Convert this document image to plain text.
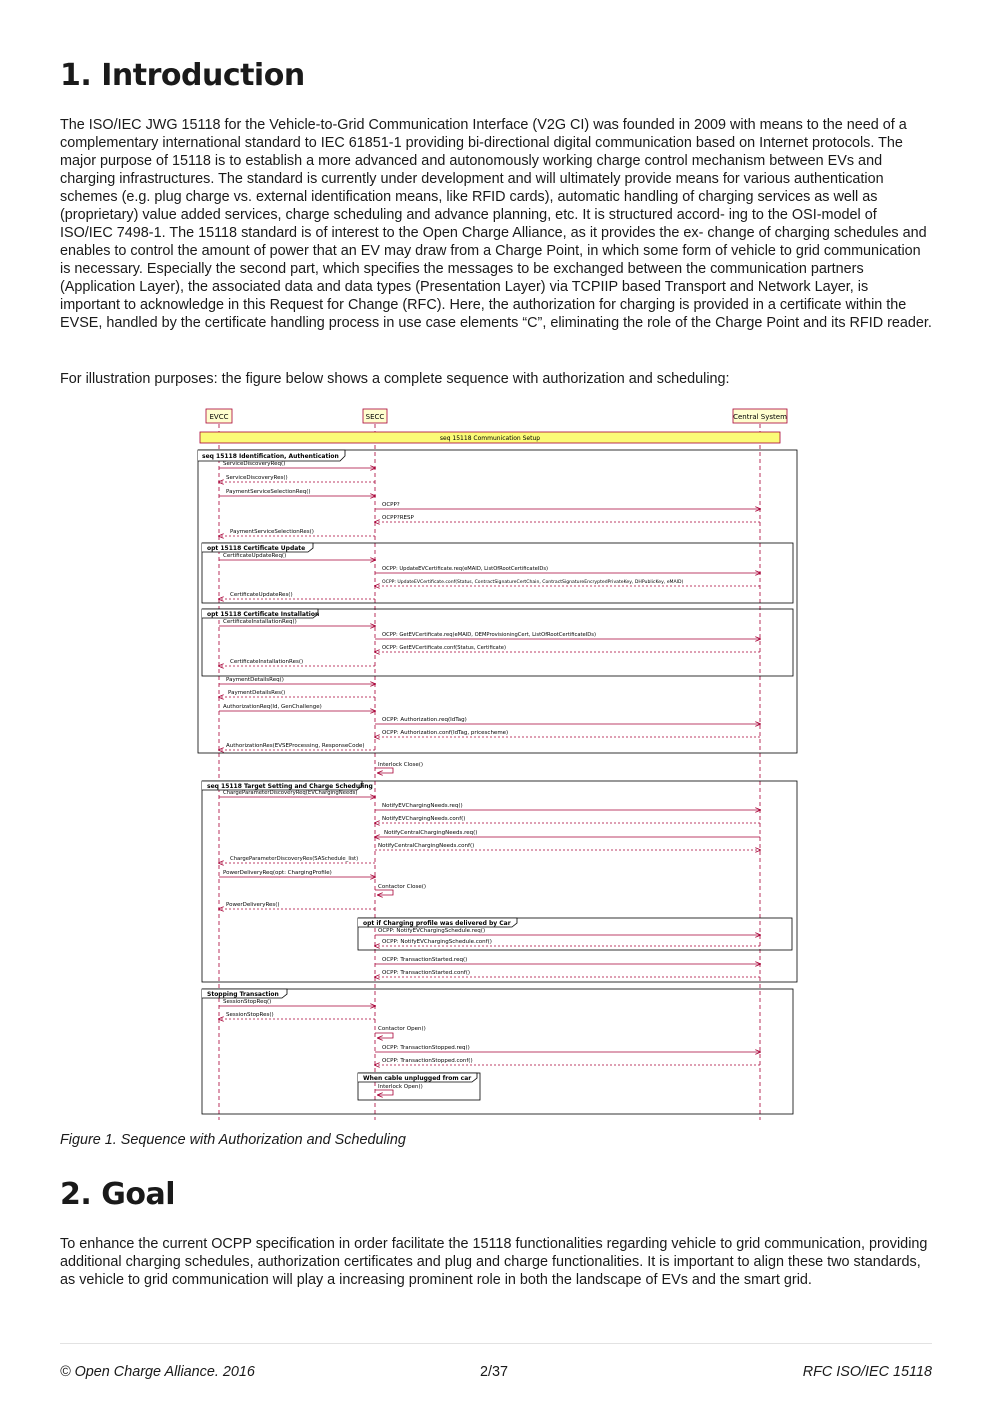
1. Introduction

The ISO/IEC JWG 15118 for the Vehicle-to-Grid Communication Interface (V2G CI) was founded in 2009 with means to the need of a complementary international standard to IEC 61851-1 providing bi-directional digital communication based on Internet protocols. The major purpose of 15118 is to establish a more advanced and autonomously working charge control mechanism between EVs and charging infrastructures. The standard is currently under development and will ultimately provide means for various authentication schemes (e.g. plug charge vs. external identification means, like RFID cards), automatic handling of charging services as well as (proprietary) value added services, charge scheduling and advance planning, etc. It is structured accord- ing to the OSI-model of ISO/IEC 7498-1. The 15118 standard is of interest to the Open Charge Alliance, as it provides the ex- change of charging schedules and enables to control the amount of power that an EV may draw from a Charge Point, in which some form of vehicle to grid communication is necessary. Especially the second part, which specifies the messages to be exchanged between the communication partners (Application Layer), the associated data and data types (Presentation Layer) via TCPIIP based Transport and Network Layer, is important to acknowledge in this Request for Change (RFC). Here, the authorization for charging is provided in a certificate within the EVSE, handled by the certificate handling process in use case elements “C”, eliminating the role of the Charge Point and its RFID reader.

For illustration purposes: the figure below shows a complete sequence with authorization and scheduling:

EVCC	SECC	Central System
seq 15118 Communication Setup
seq 15118 Identification, Authentication
ServiceDiscoveryReq()
ServiceDiscoveryRes()
PaymentServiceSelectionReq()
OCPP?
OCPP?RESP
PaymentServiceSelectionRes()
opt 15118 Certificate Update
CertificateUpdateReq()
OCPP: UpdateEVCertificate.req(eMAID, ListOfRootCertificateIDs)
OCPP: UpdateEVCertificate.conf(Status, ContractSignatureCertChain, ContractSignatureEncryptedPrivateKey, DHPublicKey, eMAID)
CertificateUpdateRes()
opt 15118 Certificate Installation
CertificateInstallationReq()
OCPP: GetEVCertificate.req(eMAID, OEMProvisioningCert, ListOfRootCertificateIDs)
OCPP: GetEVCertificate.conf(Status, Certificate)
CertificateInstallationRes()
PaymentDetailsReq()
PaymentDetailsRes()
AuthorizationReq(Id, GenChallenge)
OCPP: Authorization.req(IdTag)
OCPP: Authorization.conf(IdTag, pricescheme)
AuthorizationRes(EVSEProcessing, ResponseCode)
Interlock Close()
seq 15118 Target Setting and Charge Scheduling
ChargeParameterDiscoveryReq(EVChargingNeeds)
NotifyEVChargingNeeds.req()
NotifyEVChargingNeeds.conf()
NotifyCentralChargingNeeds.req()
NotifyCentralChargingNeeds.conf()
ChargeParameterDiscoveryRes(SASchedule_list)
PowerDeliveryReq(opt: ChargingProfile)
Contactor Close()
PowerDeliveryRes()
opt if Charging profile was delivered by Car
OCPP: NotifyEVChargingSchedule.req()
OCPP: NotifyEVChargingSchedule.conf()
OCPP: TransactionStarted.req()
OCPP: TransactionStarted.conf()
Stopping Transaction
SessionStopReq()
SessionStopRes()
Contactor Open()
OCPP: TransactionStopped.req()
OCPP: TransactionStopped.conf()
When cable unplugged from car
Interlock Open()

Figure 1. Sequence with Authorization and Scheduling

2. Goal

To enhance the current OCPP specification in order facilitate the 15118 functionalities regarding vehicle to grid communication, providing additional charging schedules, authorization certificates and plug and charge functionalities. It is important to align these two standards, as vehicle to grid communication will play a increasing prominent role in both the landscape of EVs and the smart grid.

© Open Charge Alliance. 2016	2/37	RFC ISO/IEC 15118
